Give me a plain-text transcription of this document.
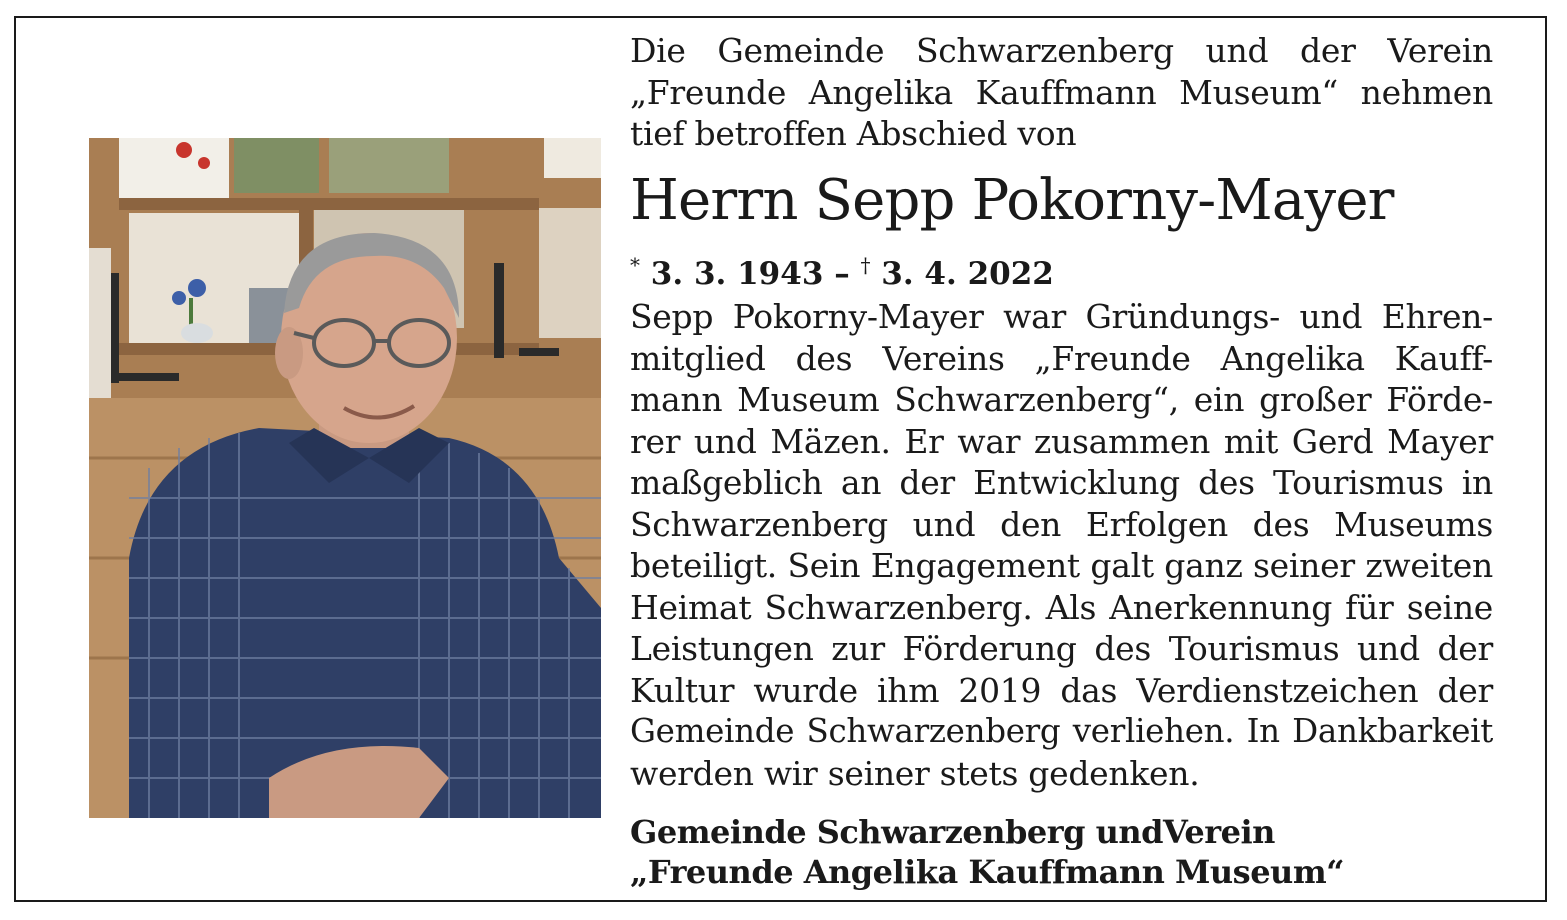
Die Gemeinde Schwarzenberg und der Verein
„Freunde Angelika Kauffmann Museum“ nehmen
tief betroffen Abschied von
Herrn Sepp Pokorny-Mayer
* 3. 3. 1943 – † 3. 4. 2022
Sepp Pokorny-Mayer war Gründungs- und Ehren-
mitglied des Vereins „Freunde Angelika Kauff-
mann Museum Schwarzenberg“, ein großer Förde-
rer und Mäzen. Er war zusammen mit Gerd Mayer
maßgeblich an der Entwicklung des Tourismus in
Schwarzenberg und den Erfolgen des Museums
beteiligt. Sein Engagement galt ganz seiner zweiten
Heimat Schwarzenberg. Als Anerkennung für seine
Leistungen zur Förderung des Tourismus und der
Kultur wurde ihm 2019 das Verdienstzeichen der
Gemeinde Schwarzenberg verliehen. In Dankbarkeit
werden wir seiner stets gedenken.
Gemeinde Schwarzenberg undVerein
„Freunde Angelika Kauffmann Museum“
